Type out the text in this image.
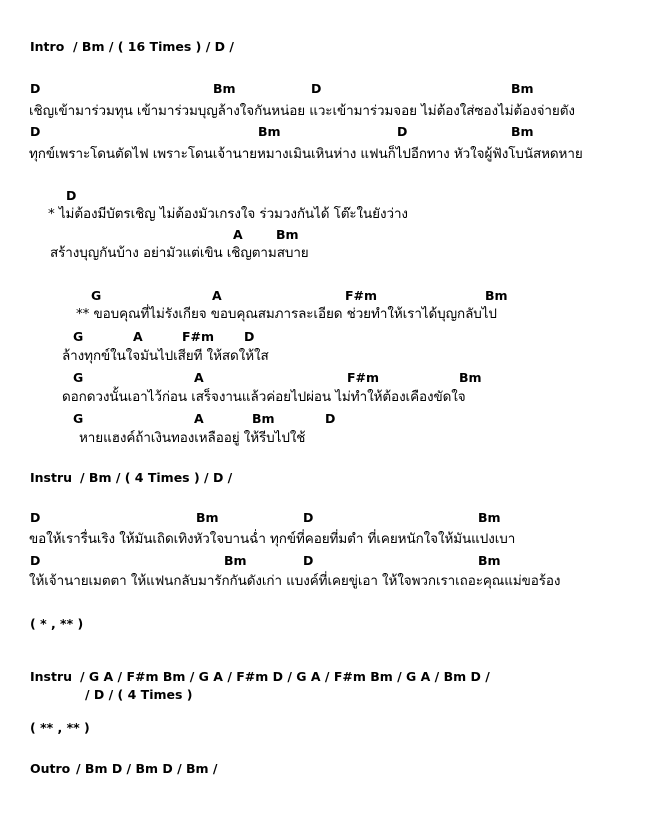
Intro / Bm / ( 16 Times ) / D /
D	Bm	D	Bm
เชิญเข้ามาร่วมทุน เข้ามาร่วมบุญล้างใจกันหน่อย แวะเข้ามาร่วมจอย ไม่ต้องใส่ซองไม่ต้องจ่ายตัง
D	Bm	D	Bm
ทุกข์เพราะโดนตัดไฟ เพราะโดนเจ้านายหมางเมินเหินห่าง แฟนก็ไปอีกทาง หัวใจผู้ฟังโบนัสหดหาย
D
* ไม่ต้องมีบัตรเชิญ ไม่ต้องมัวเกรงใจ ร่วมวงกันได้ โต๊ะในยังว่าง
A	Bm
สร้างบุญกันบ้าง อย่ามัวแต่เขิน เชิญตามสบาย
G	A	F#m	Bm
** ขอบคุณที่ไม่รังเกียจ ขอบคุณสมภารละเอียด ช่วยทำให้เราได้บุญกลับไป
G	A	F#m D
ล้างทุกข์ในใจมันไปเสียที ให้สดให้ใส
G	A	F#m	Bm
ดอกดวงนั้นเอาไว้ก่อน เสร็จงานแล้วค่อยไปผ่อน ไม่ทำให้ต้องเคืองขัดใจ
G	A	Bm	D
หายแฮงค์ถ้าเงินทองเหลืออยู่ ให้รีบไปใช้
Instru / Bm / ( 4 Times ) / D /
D	Bm	D	Bm
ขอให้เรารื่นเริง ให้มันเถิดเทิงหัวใจบานฉ่ำ ทุกข์ที่คอยที่มตำ ที่เคยหนักใจให้มันแปงเบา
D	Bm	D	Bm
ให้เจ้านายเมตตา ให้แฟนกลับมารักกันดังเก่า แบงค์ที่เคยขู่เอา ให้ใจพวกเราเถอะคุณแม่ขอร้อง
( * , ** )
Instru / G A / F#m Bm / G A / F#m D / G A / F#m Bm / G A / Bm D /
/ D / ( 4 Times )
( ** , ** )
Outro / Bm D / Bm D / Bm /
